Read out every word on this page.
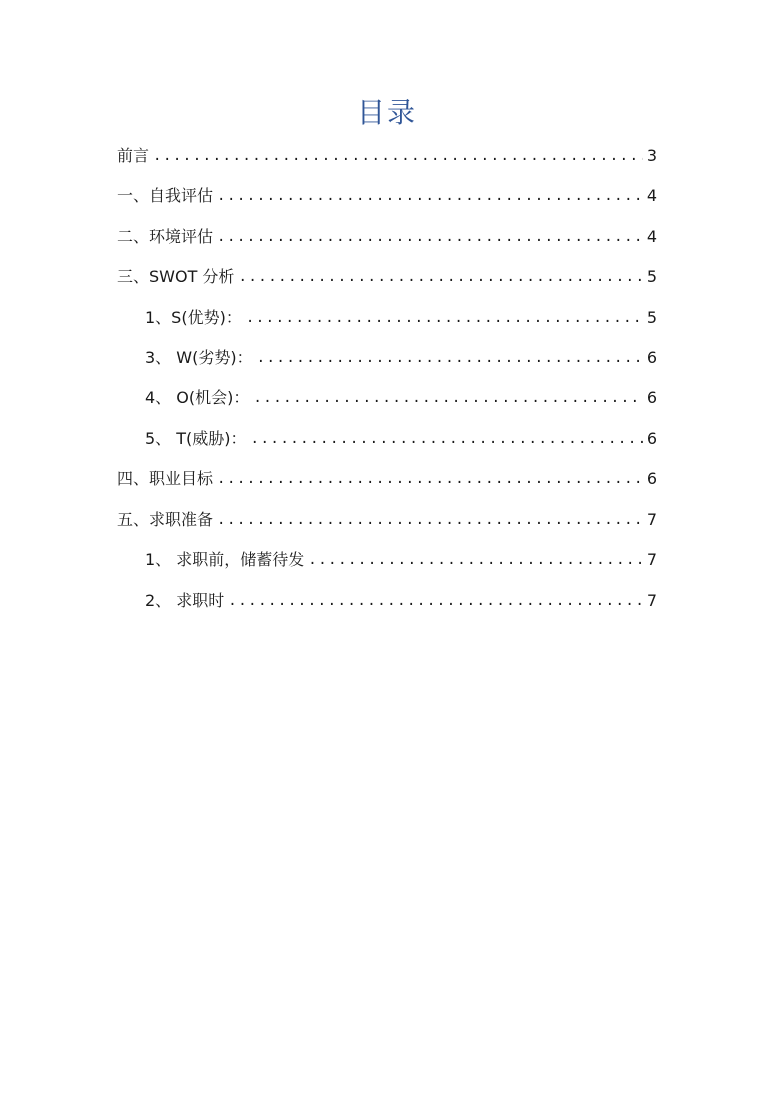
目录
前言 .....	3
一、自我评估 .....	4
二、环境评估 .....	4
三、SWOT 分析 .....	5
1、S(优势)： .....	5
3、 W(劣势)： .....	6
4、 O(机会)： .....	6
5、 T(威胁)： .....	6
四、职业目标 .....	6
五、求职准备 .....	7
1、 求职前，储蓄待发 .....	7
2、 求职时 .....	7
